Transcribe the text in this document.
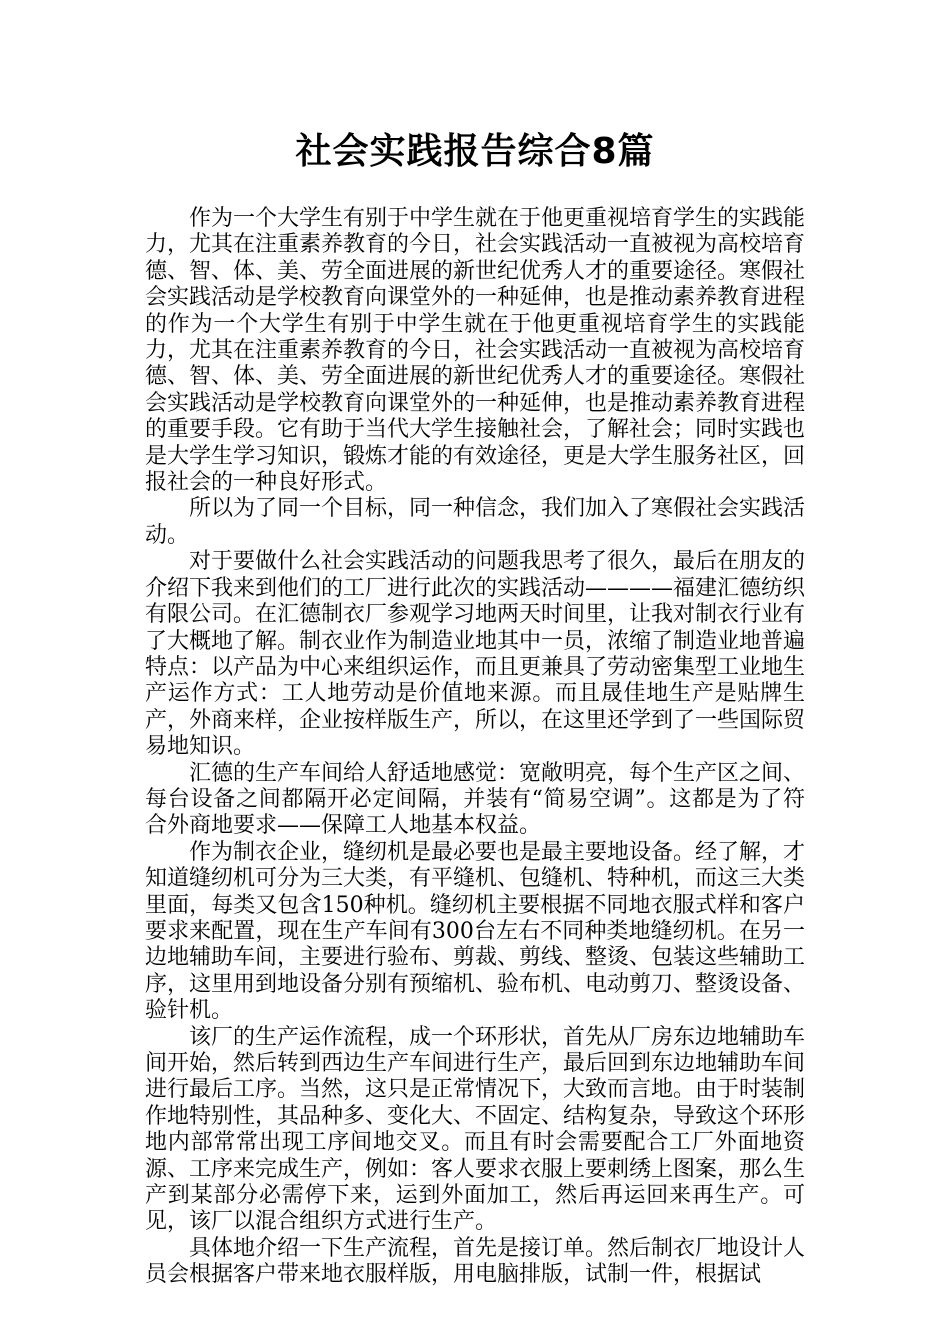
社会实践报告综合8篇

作为一个大学生有别于中学生就在于他更重视培育学生的实践能力，尤其在注重素养教育的今日，社会实践活动一直被视为高校培育德、智、体、美、劳全面进展的新世纪优秀人才的重要途径。寒假社会实践活动是学校教育向课堂外的一种延伸，也是推动素养教育进程的作为一个大学生有别于中学生就在于他更重视培育学生的实践能力，尤其在注重素养教育的今日，社会实践活动一直被视为高校培育德、智、体、美、劳全面进展的新世纪优秀人才的重要途径。寒假社会实践活动是学校教育向课堂外的一种延伸，也是推动素养教育进程的重要手段。它有助于当代大学生接触社会，了解社会；同时实践也是大学生学习知识，锻炼才能的有效途径，更是大学生服务社区，回报社会的一种良好形式。

所以为了同一个目标，同一种信念，我们加入了寒假社会实践活动。

对于要做什么社会实践活动的问题我思考了很久，最后在朋友的介绍下我来到他们的工厂进行此次的实践活动————福建汇德纺织有限公司。在汇德制衣厂参观学习地两天时间里，让我对制衣行业有了大概地了解。制衣业作为制造业地其中一员，浓缩了制造业地普遍特点：以产品为中心来组织运作，而且更兼具了劳动密集型工业地生产运作方式：工人地劳动是价值地来源。而且晟佳地生产是贴牌生产，外商来样，企业按样版生产，所以，在这里还学到了一些国际贸易地知识。

汇德的生产车间给人舒适地感觉：宽敞明亮，每个生产区之间、每台设备之间都隔开必定间隔，并装有“简易空调”。这都是为了符合外商地要求——保障工人地基本权益。

作为制衣企业，缝纫机是最必要也是最主要地设备。经了解，才知道缝纫机可分为三大类，有平缝机、包缝机、特种机，而这三大类里面，每类又包含150种机。缝纫机主要根据不同地衣服式样和客户要求来配置，现在生产车间有300台左右不同种类地缝纫机。在另一边地辅助车间，主要进行验布、剪裁、剪线、整烫、包装这些辅助工序，这里用到地设备分别有预缩机、验布机、电动剪刀、整烫设备、验针机。

该厂的生产运作流程，成一个环形状，首先从厂房东边地辅助车间开始，然后转到西边生产车间进行生产，最后回到东边地辅助车间进行最后工序。当然，这只是正常情况下，大致而言地。由于时装制作地特别性，其品种多、变化大、不固定、结构复杂，导致这个环形地内部常常出现工序间地交叉。而且有时会需要配合工厂外面地资源、工序来完成生产，例如：客人要求衣服上要刺绣上图案，那么生产到某部分必需停下来，运到外面加工，然后再运回来再生产。可见，该厂以混合组织方式进行生产。

具体地介绍一下生产流程，首先是接订单。然后制衣厂地设计人员会根据客户带来地衣服样版，用电脑排版，试制一件，根据试
